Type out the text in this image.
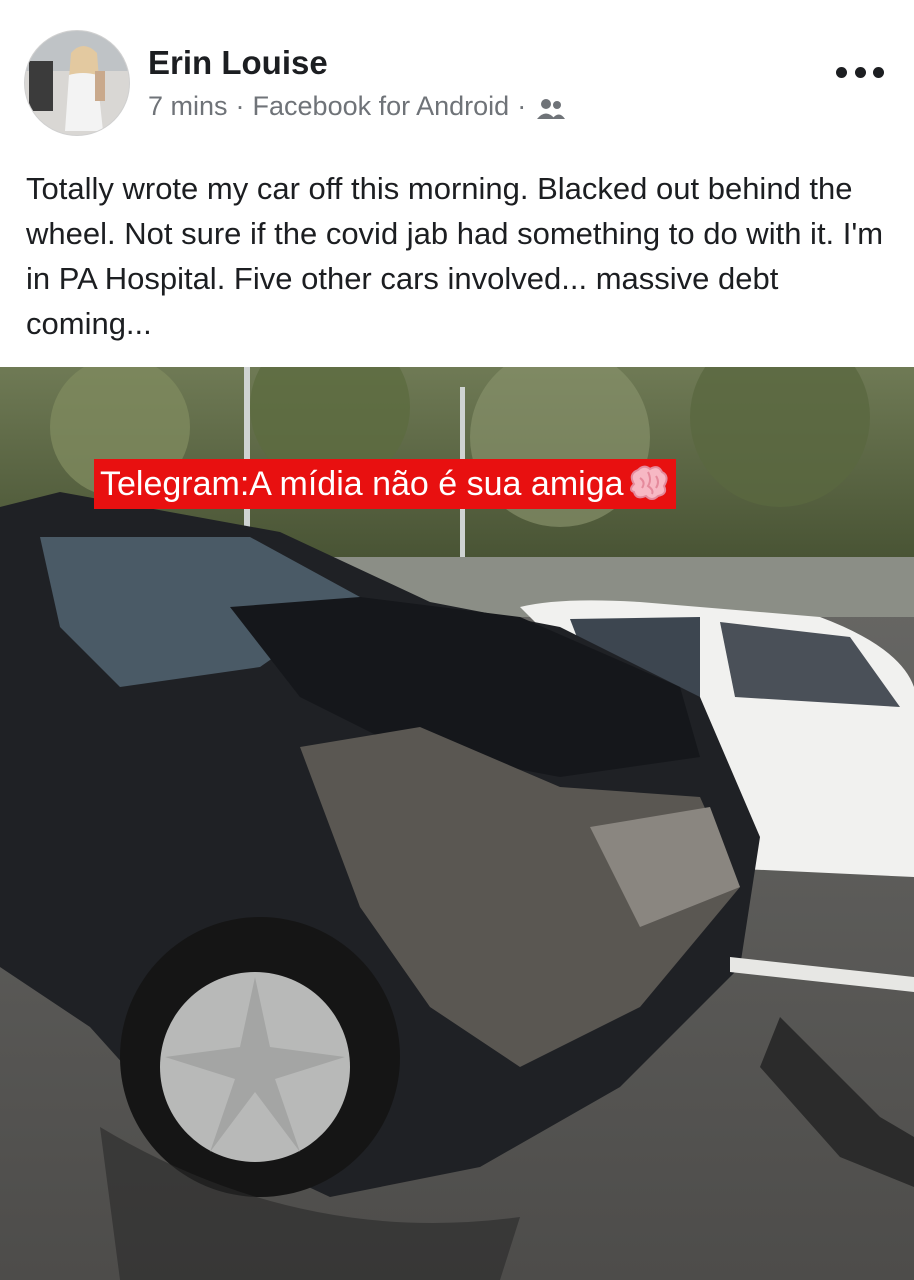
Erin Louise
7 mins · Facebook for Android ·
Totally wrote my car off this morning. Blacked out behind the wheel. Not sure if the covid jab had something to do with it. I'm in PA Hospital. Five other cars involved... massive debt coming...
Telegram:A mídia não é sua amiga
